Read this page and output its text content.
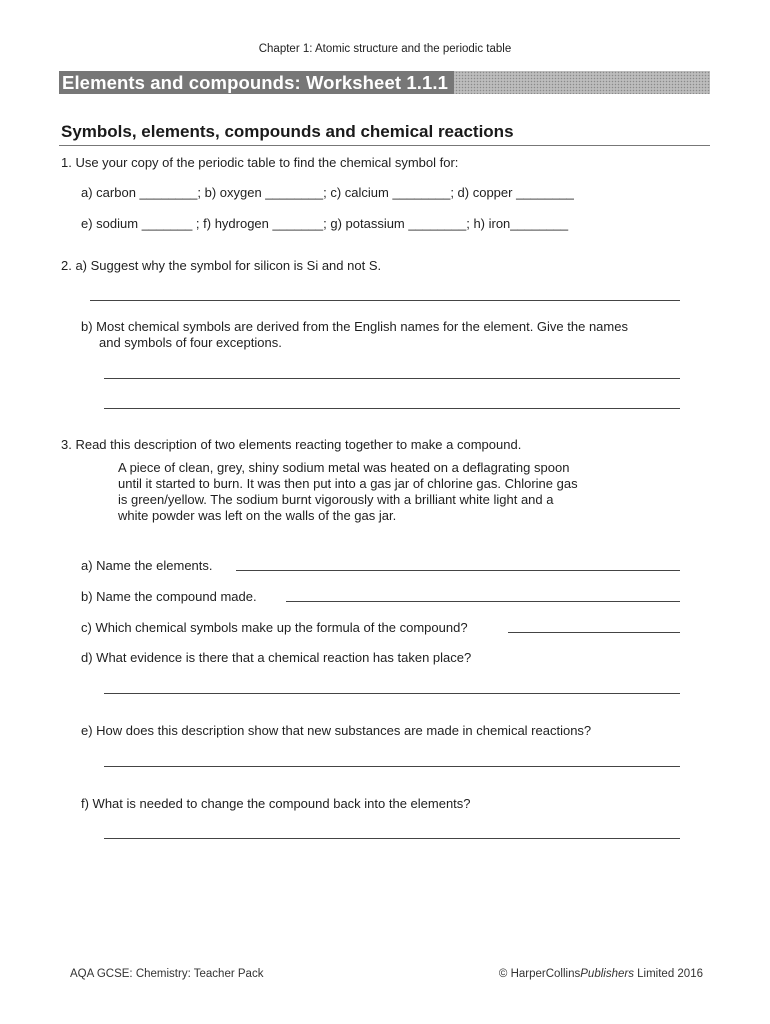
Chapter 1: Atomic structure and the periodic table
Elements and compounds: Worksheet 1.1.1
Symbols, elements, compounds and chemical reactions
1. Use your copy of the periodic table to find the chemical symbol for:
a) carbon ________; b) oxygen ________; c) calcium ________; d) copper ________
e) sodium _______ ; f) hydrogen _______; g) potassium ________; h) iron________
2. a) Suggest why the symbol for silicon is Si and not S.
b) Most chemical symbols are derived from the English names for the element. Give the names
and symbols of four exceptions.
3. Read this description of two elements reacting together to make a compound.
A piece of clean, grey, shiny sodium metal was heated on a deflagrating spoon
until it started to burn. It was then put into a gas jar of chlorine gas. Chlorine gas
is green/yellow. The sodium burnt vigorously with a brilliant white light and a
white powder was left on the walls of the gas jar.
a) Name the elements.
b) Name the compound made.
c) Which chemical symbols make up the formula of the compound?
d) What evidence is there that a chemical reaction has taken place?
e) How does this description show that new substances are made in chemical reactions?
f) What is needed to change the compound back into the elements?
AQA GCSE: Chemistry: Teacher Pack	© HarperCollinsPublishers Limited 2016
